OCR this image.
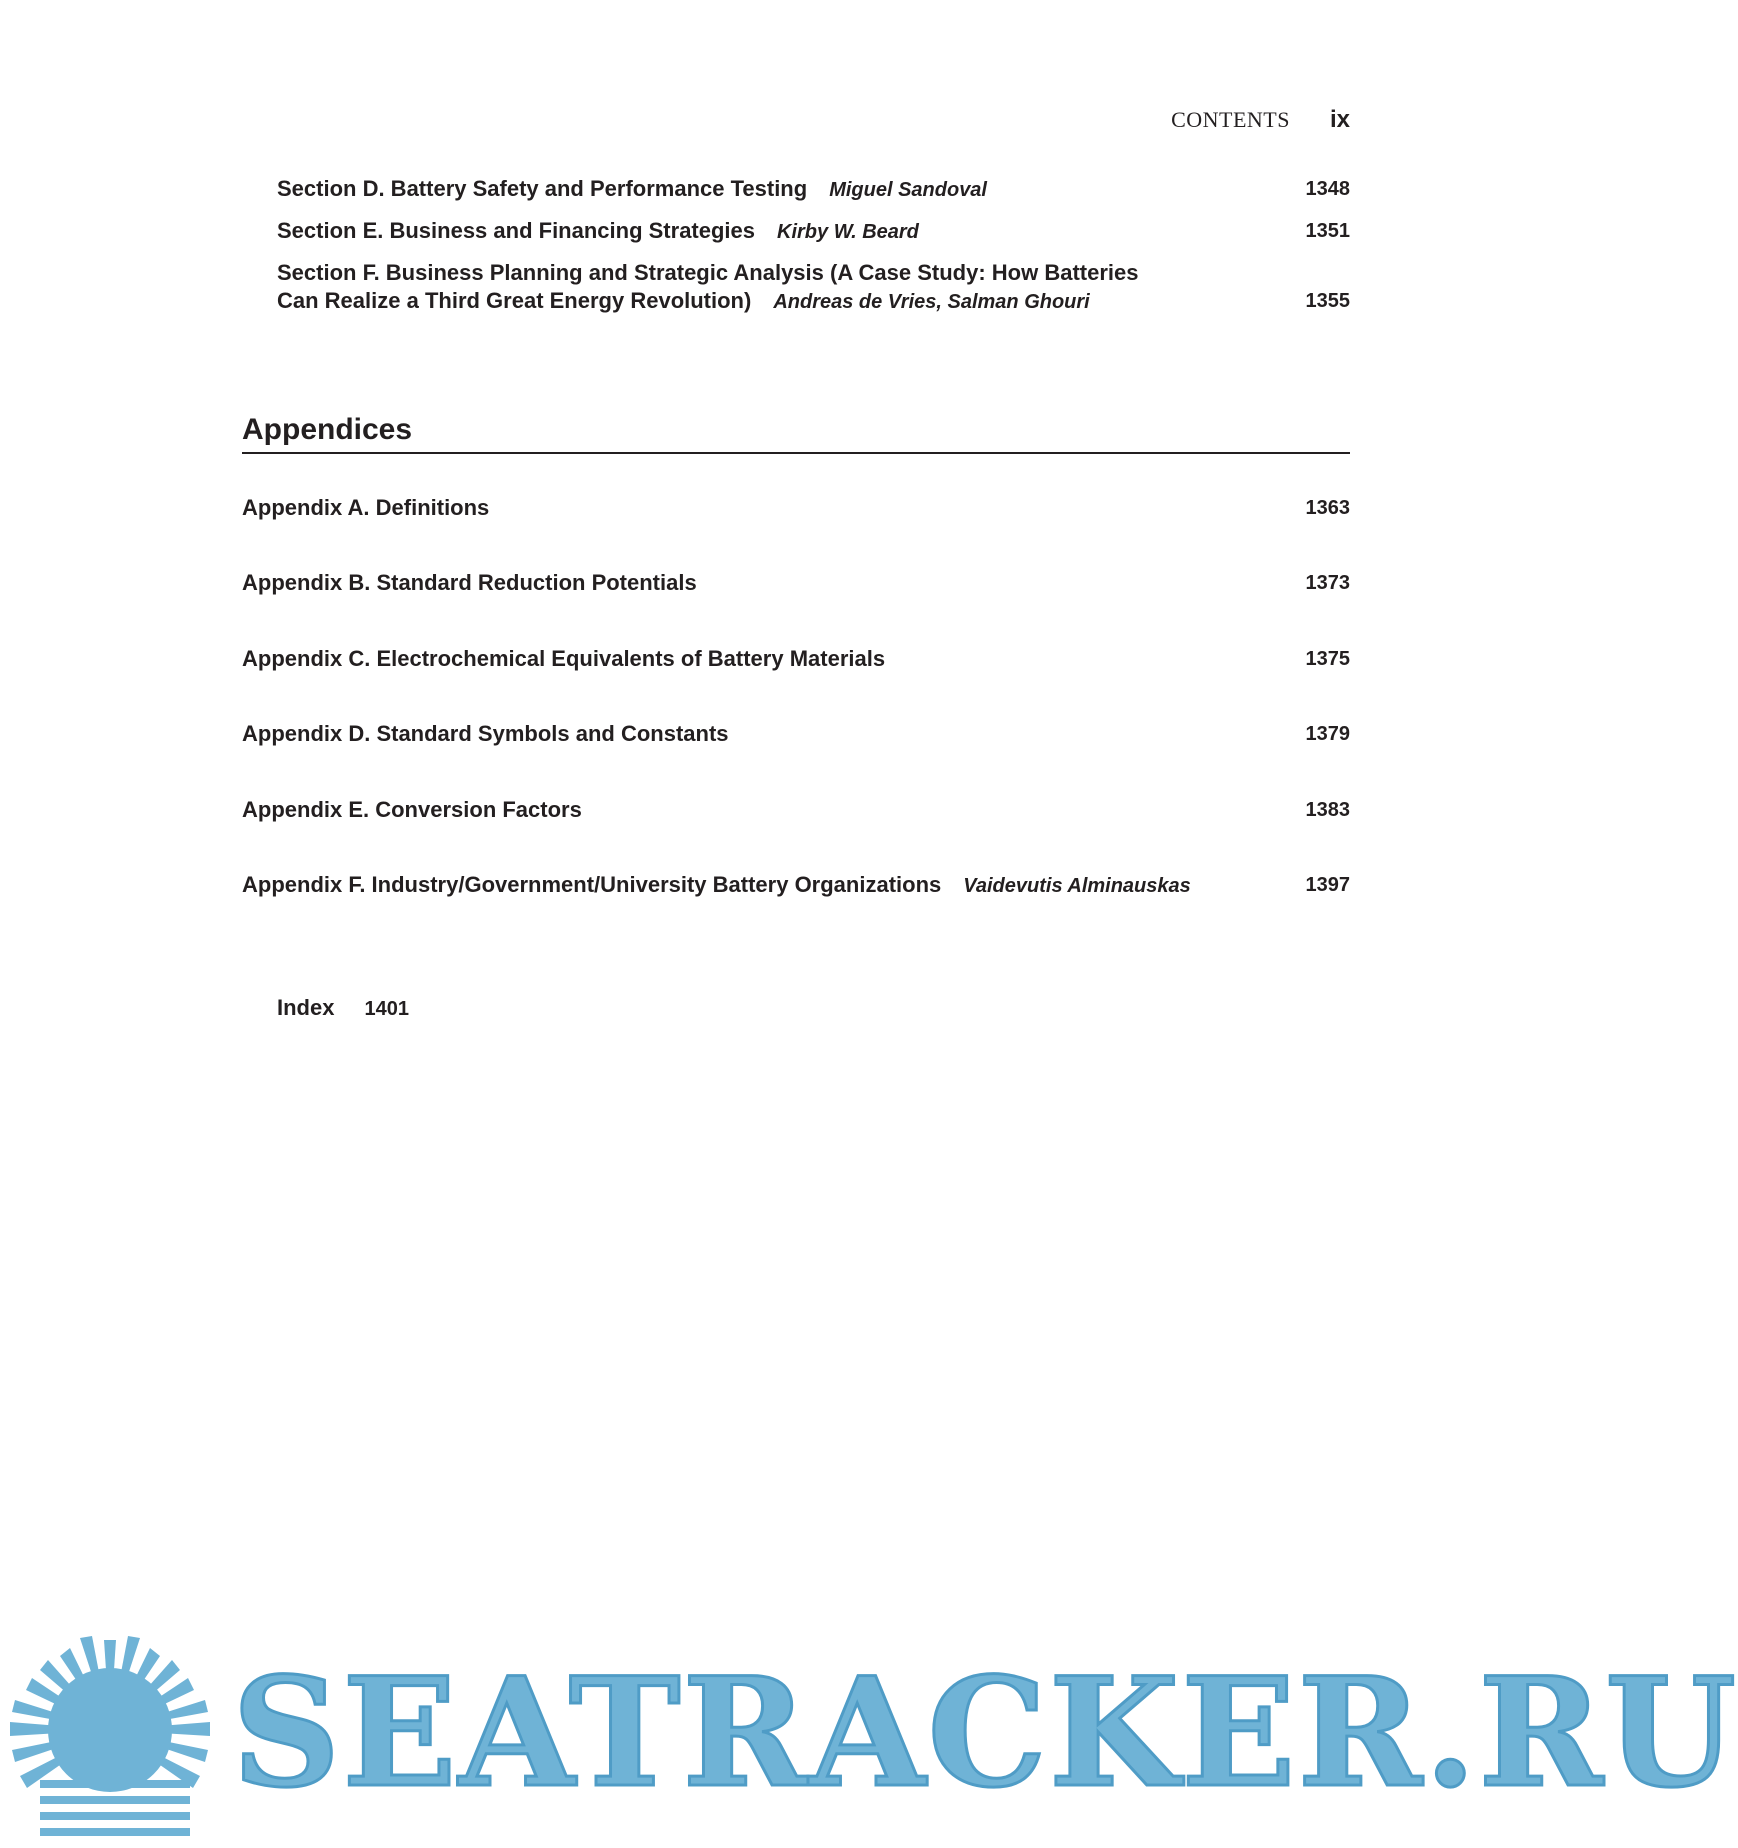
CONTENTS ix
Section D. Battery Safety and Performance Testing Miguel Sandoval	1348
Section E. Business and Financing Strategies Kirby W. Beard	1351
Section F. Business Planning and Strategic Analysis (A Case Study: How Batteries
Can Realize a Third Great Energy Revolution) Andreas de Vries, Salman Ghouri	1355
Appendices
Appendix A. Definitions	1363
Appendix B. Standard Reduction Potentials	1373
Appendix C. Electrochemical Equivalents of Battery Materials	1375
Appendix D. Standard Symbols and Constants	1379
Appendix E. Conversion Factors	1383
Appendix F. Industry/Government/University Battery Organizations Vaidevutis Alminauskas	1397
Index 1401
SEATRACKER.RU
